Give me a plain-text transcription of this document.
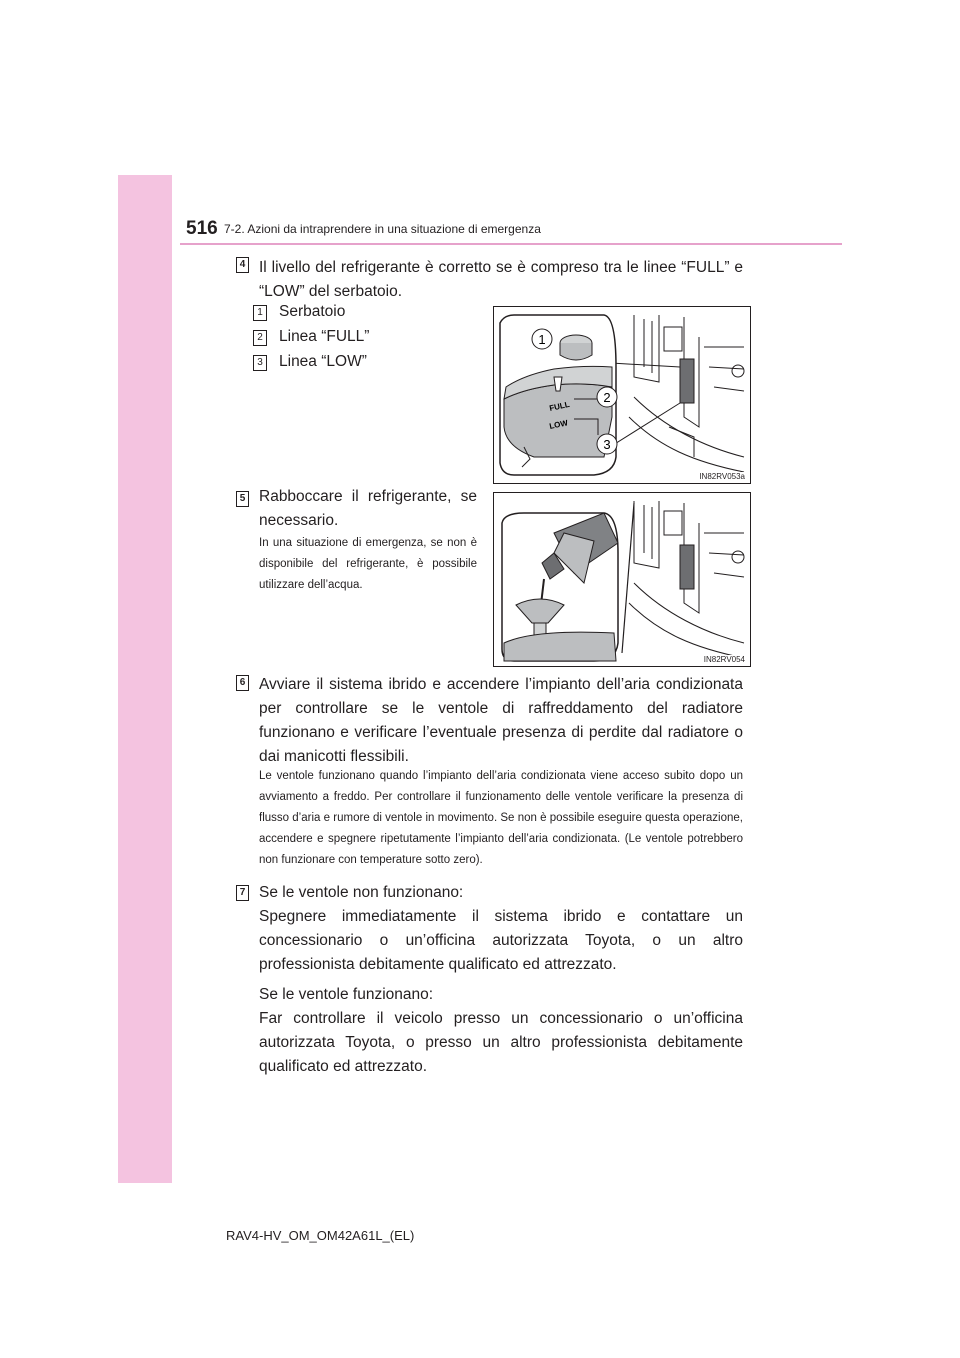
516 7-2. Azioni da intraprendere in una situazione di emergenza
4 Il livello del refrigerante è corretto se è compreso tra le linee “FULL” e “LOW” del serbatoio.
1 Serbatoio
2 Linea “FULL”
3 Linea “LOW”
FULL
LOW
1
2
3
IN82RV053a
5 Rabboccare il refrigerante, se necessario.
In una situazione di emergenza, se non è disponibile del refrigerante, è possibile utilizzare dell’acqua.
IN82RV054
6 Avviare il sistema ibrido e accendere l’impianto dell’aria condizionata per controllare se le ventole di raffreddamento del radiatore funzionano e verificare l’eventuale presenza di perdite dal radiatore o dai manicotti flessibili.
Le ventole funzionano quando l’impianto dell’aria condizionata viene acceso subito dopo un avviamento a freddo. Per controllare il funzionamento delle ventole verificare la presenza di flusso d’aria e rumore di ventole in movimento. Se non è possibile eseguire questa operazione, accendere e spegnere ripetutamente l’impianto dell’aria condizionata. (Le ventole potrebbero non funzionare con temperature sotto zero).
7 Se le ventole non funzionano:
Spegnere immediatamente il sistema ibrido e contattare un concessionario o un’officina autorizzata Toyota, o un altro professionista debitamente qualificato ed attrezzato.
Se le ventole funzionano:
Far controllare il veicolo presso un concessionario o un’officina autorizzata Toyota, o presso un altro professionista debitamente qualificato ed attrezzato.
RAV4-HV_OM_OM42A61L_(EL)
